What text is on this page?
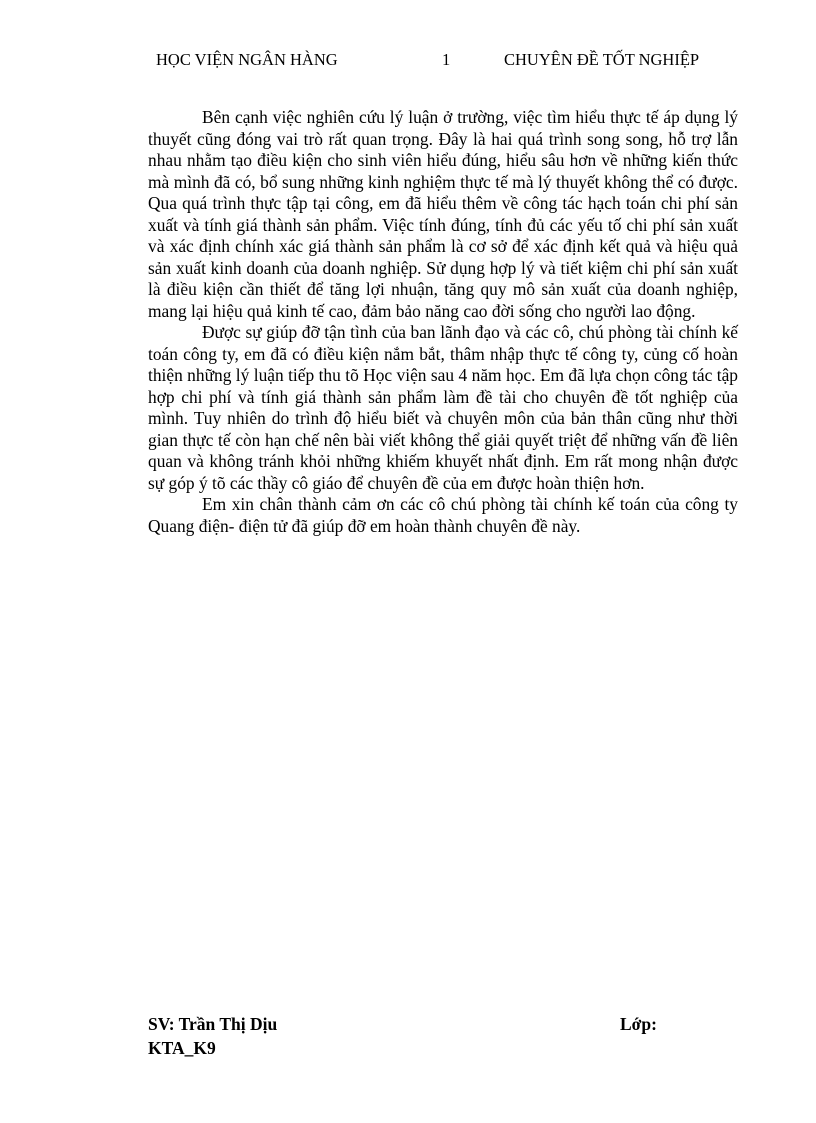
HỌC VIỆN NGÂN HÀNG	1	CHUYÊN ĐỀ TỐT NGHIỆP

Bên cạnh việc nghiên cứu lý luận ở trường, việc tìm hiểu thực tế áp dụng lý thuyết cũng đóng vai trò rất quan trọng. Đây là hai quá trình song song, hỗ trợ lẫn nhau nhằm tạo điều kiện cho sinh viên hiểu đúng, hiểu sâu hơn về những kiến thức mà mình đã có, bổ sung những kinh nghiệm thực tế mà lý thuyết không thể có được. Qua quá trình thực tập tại công, em đã hiểu thêm về công tác hạch toán chi phí sản xuất và tính giá thành sản phẩm. Việc tính đúng, tính đủ các yếu tố chi phí sản xuất và xác định chính xác giá thành sản phẩm là cơ sở để xác định kết quả và hiệu quả sản xuất kinh doanh của doanh nghiệp. Sử dụng hợp lý và tiết kiệm chi phí sản xuất là điều kiện cần thiết để tăng lợi nhuận, tăng quy mô sản xuất của doanh nghiệp, mang lại hiệu quả kinh tế cao, đảm bảo năng cao đời sống cho người lao động.

Được sự giúp đỡ tận tình của ban lãnh đạo và các cô, chú phòng tài chính kế toán công ty, em đã có điều kiện nắm bắt, thâm nhập thực tế công ty, củng cố hoàn thiện những lý luận tiếp thu tõ Học viện sau 4 năm học. Em đã lựa chọn công tác tập hợp chi phí và tính giá thành sản phẩm làm đề tài cho chuyên đề tốt nghiệp của mình. Tuy nhiên do trình độ hiểu biết và chuyên môn của bản thân cũng như thời gian thực tế còn hạn chế nên bài viết không thể giải quyết triệt để những vấn đề liên quan và không tránh khỏi những khiếm khuyết nhất định. Em rất mong nhận được sự góp ý tõ các thầy cô giáo để chuyên đề của em được hoàn thiện hơn.

Em xin chân thành cảm ơn các cô chú phòng tài chính kế toán của công ty Quang điện- điện tử đã giúp đỡ em hoàn thành chuyên đề này.

SV: Trần Thị Dịu	Lớp:
KTA_K9
